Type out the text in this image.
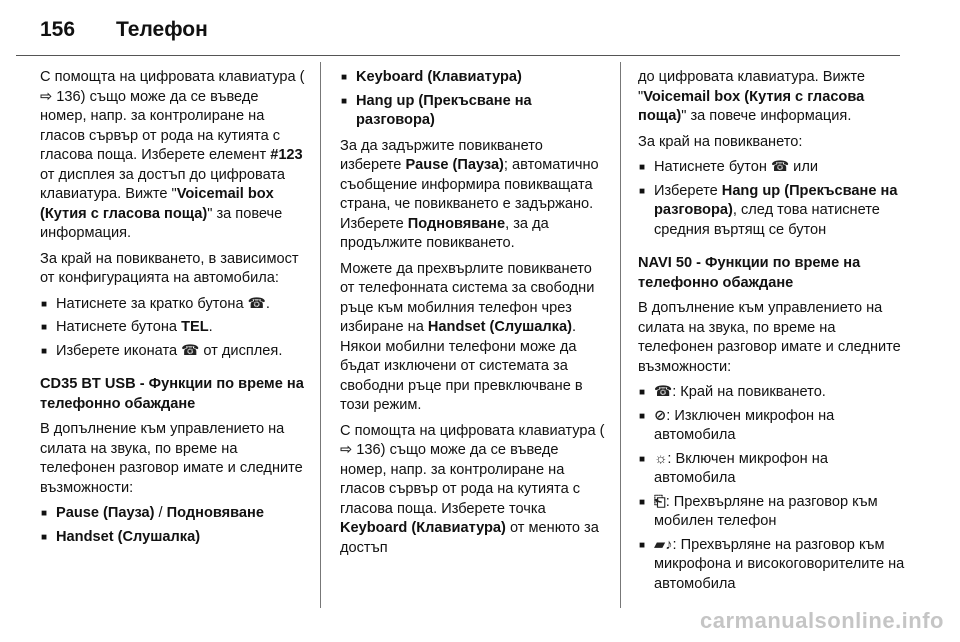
156	Телефон

С помощта на цифровата клавиатура (⇨ 136) също може да се въведе номер, напр. за контролиране на гласов сървър от рода на кутията с гласова поща. Изберете елемент #123 от дисплея за достъп до цифровата клавиатура. Вижте "Voicemail box (Кутия с гласова поща)" за повече информация.

За край на повикването, в зависимост от конфигурацията на автомобила:

■ Натиснете за кратко бутона ☎.
■ Натиснете бутона TEL.
■ Изберете иконата ☎ от дисплея.

CD35 BT USB - Функции по време на телефонно обаждане

В допълнение към управлението на силата на звука, по време на телефонен разговор имате и следните възможности:

■ Pause (Пауза) / Подновяване
■ Handset (Слушалка)
■ Keyboard (Клавиатура)
■ Hang up (Прекъсване на разговора)

За да задържите повикването изберете Pause (Пауза); автоматично съобщение информира повикващата страна, че повикването е задържано. Изберете Подновяване, за да продължите повикването.

Можете да прехвърлите повикването от телефонната система за свободни ръце към мобилния телефон чрез избиране на Handset (Слушалка). Някои мобилни телефони може да бъдат изключени от системата за свободни ръце при превключване в този режим.

С помощта на цифровата клавиатура (⇨ 136) също може да се въведе номер, напр. за контролиране на гласов сървър от рода на кутията с гласова поща. Изберете точка Keyboard (Клавиатура) от менюто за достъп

до цифровата клавиатура. Вижте "Voicemail box (Кутия с гласова поща)" за повече информация.

За край на повикването:

■ Натиснете бутон ☎ или
■ Изберете Hang up (Прекъсване на разговора), след това натиснете средния въртящ се бутон

NAVI 50 - Функции по време на телефонно обаждане

В допълнение към управлението на силата на звука, по време на телефонен разговор имате и следните възможности:

■ ☎: Край на повикването.
■ ⊘: Изключен микрофон на автомобила
■ ☼: Включен микрофон на автомобила
■ ⎗: Прехвърляне на разговор към мобилен телефон
■ ▰♪: Прехвърляне на разговор към микрофона и високоговорителите на автомобила
carmanualsonline.info
